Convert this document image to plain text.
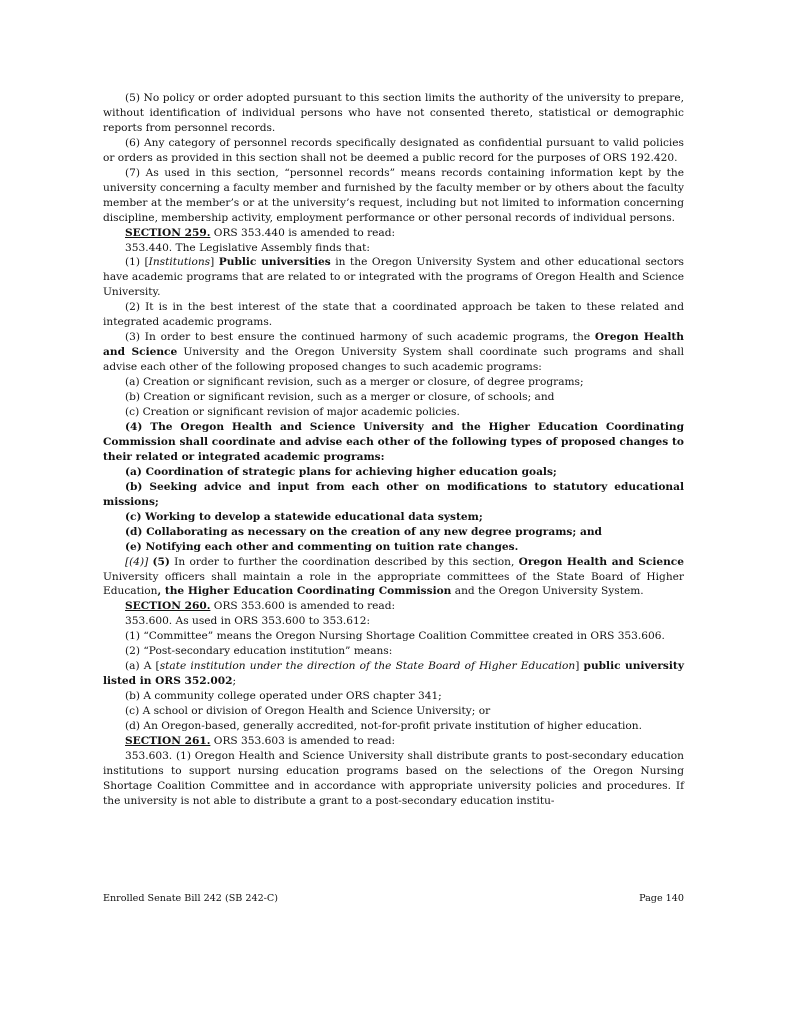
(5) No policy or order adopted pursuant to this section limits the authority of the university to prepare, without identification of individual persons who have not consented thereto, statistical or demographic reports from personnel records.

(6) Any category of personnel records specifically designated as confidential pursuant to valid policies or orders as provided in this section shall not be deemed a public record for the purposes of ORS 192.420.

(7) As used in this section, “personnel records” means records containing information kept by the university concerning a faculty member and furnished by the faculty member or by others about the faculty member at the member’s or at the university’s request, including but not limited to information concerning discipline, membership activity, employment performance or other personal records of individual persons.

SECTION 259. ORS 353.440 is amended to read:

353.440. The Legislative Assembly finds that:

(1) [Institutions] Public universities in the Oregon University System and other educational sectors have academic programs that are related to or integrated with the programs of Oregon Health and Science University.

(2) It is in the best interest of the state that a coordinated approach be taken to these related and integrated academic programs.

(3) In order to best ensure the continued harmony of such academic programs, the Oregon Health and Science University and the Oregon University System shall coordinate such programs and shall advise each other of the following proposed changes to such academic programs:

(a) Creation or significant revision, such as a merger or closure, of degree programs;

(b) Creation or significant revision, such as a merger or closure, of schools; and

(c) Creation or significant revision of major academic policies.

(4) The Oregon Health and Science University and the Higher Education Coordinating Commission shall coordinate and advise each other of the following types of proposed changes to their related or integrated academic programs:

(a) Coordination of strategic plans for achieving higher education goals;

(b) Seeking advice and input from each other on modifications to statutory educational missions;

(c) Working to develop a statewide educational data system;

(d) Collaborating as necessary on the creation of any new degree programs; and

(e) Notifying each other and commenting on tuition rate changes.

[(4)] (5) In order to further the coordination described by this section, Oregon Health and Science University officers shall maintain a role in the appropriate committees of the State Board of Higher Education, the Higher Education Coordinating Commission and the Oregon University System.

SECTION 260. ORS 353.600 is amended to read:

353.600. As used in ORS 353.600 to 353.612:

(1) “Committee” means the Oregon Nursing Shortage Coalition Committee created in ORS 353.606.

(2) “Post-secondary education institution” means:

(a) A [state institution under the direction of the State Board of Higher Education] public university listed in ORS 352.002;

(b) A community college operated under ORS chapter 341;

(c) A school or division of Oregon Health and Science University; or

(d) An Oregon-based, generally accredited, not-for-profit private institution of higher education.

SECTION 261. ORS 353.603 is amended to read:

353.603. (1) Oregon Health and Science University shall distribute grants to post-secondary education institutions to support nursing education programs based on the selections of the Oregon Nursing Shortage Coalition Committee and in accordance with appropriate university policies and procedures. If the university is not able to distribute a grant to a post-secondary education institu-

Enrolled Senate Bill 242 (SB 242-C)	Page 140
